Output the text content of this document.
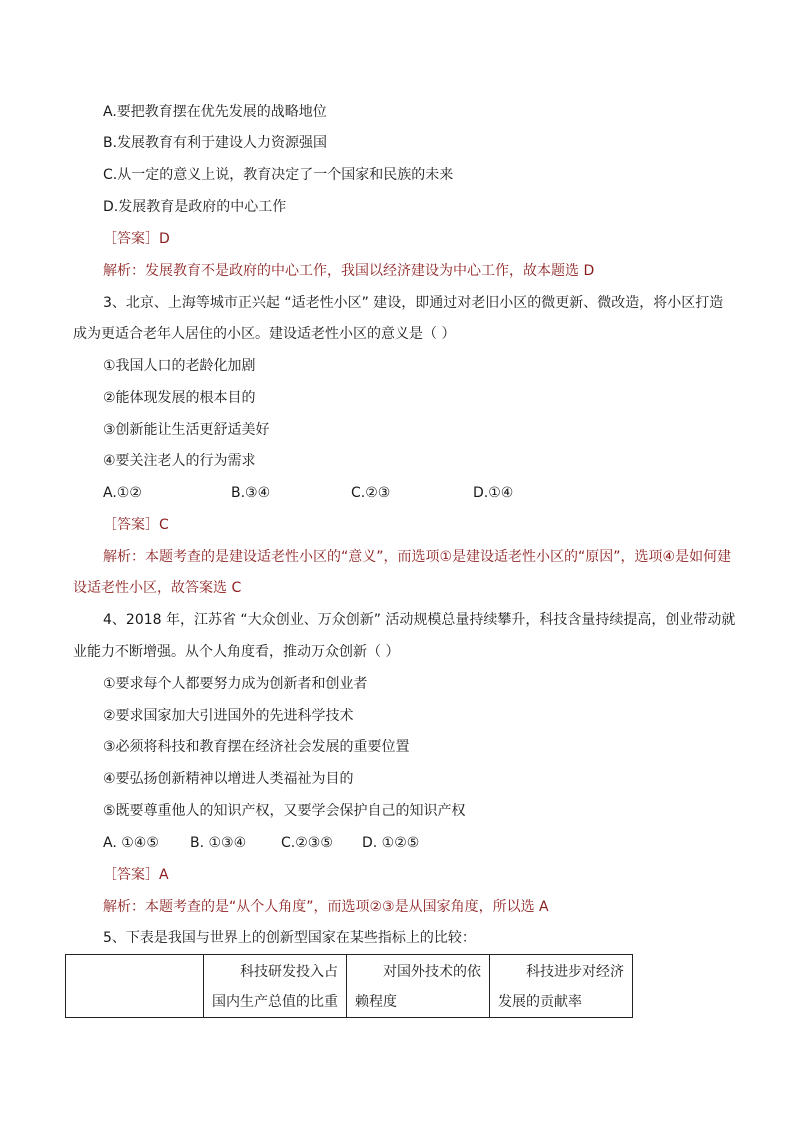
A.要把教育摆在优先发展的战略地位
B.发展教育有利于建设人力资源强国
C.从一定的意义上说，教育决定了一个国家和民族的未来
D.发展教育是政府的中心工作
［答案］D
解析：发展教育不是政府的中心工作，我国以经济建设为中心工作，故本题选 D
3、北京、上海等城市正兴起 “适老性小区” 建设，即通过对老旧小区的微更新、微改造，将小区打造
成为更适合老年人居住的小区。建设适老性小区的意义是（ ）
①我国人口的老龄化加剧
②能体现发展的根本目的
③创新能让生活更舒适美好
④要关注老人的行为需求
A.①②	B.③④	C.②③	D.①④
［答案］C
解析：本题考查的是建设适老性小区的“意义”，而选项①是建设适老性小区的“原因”，选项④是如何建
设适老性小区，故答案选 C
4、2018 年，江苏省 “大众创业、万众创新” 活动规模总量持续攀升，科技含量持续提高，创业带动就
业能力不断增强。从个人角度看，推动万众创新（ ）
①要求每个人都要努力成为创新者和创业者
②要求国家加大引进国外的先进科学技术
③必须将科技和教育摆在经济社会发展的重要位置
④要弘扬创新精神以增进人类福祉为目的
⑤既要尊重他人的知识产权，又要学会保护自己的知识产权
A. ①④⑤ B. ①③④ C.②③⑤ D. ①②⑤
［答案］A
解析：本题考查的是“从个人角度”，而选项②③是从国家角度，所以选 A
5、下表是我国与世界上的创新型国家在某些指标上的比较：

科技研发投入占
国内生产总值的比重

对国外技术的依
赖程度

科技进步对经济
发展的贡献率
